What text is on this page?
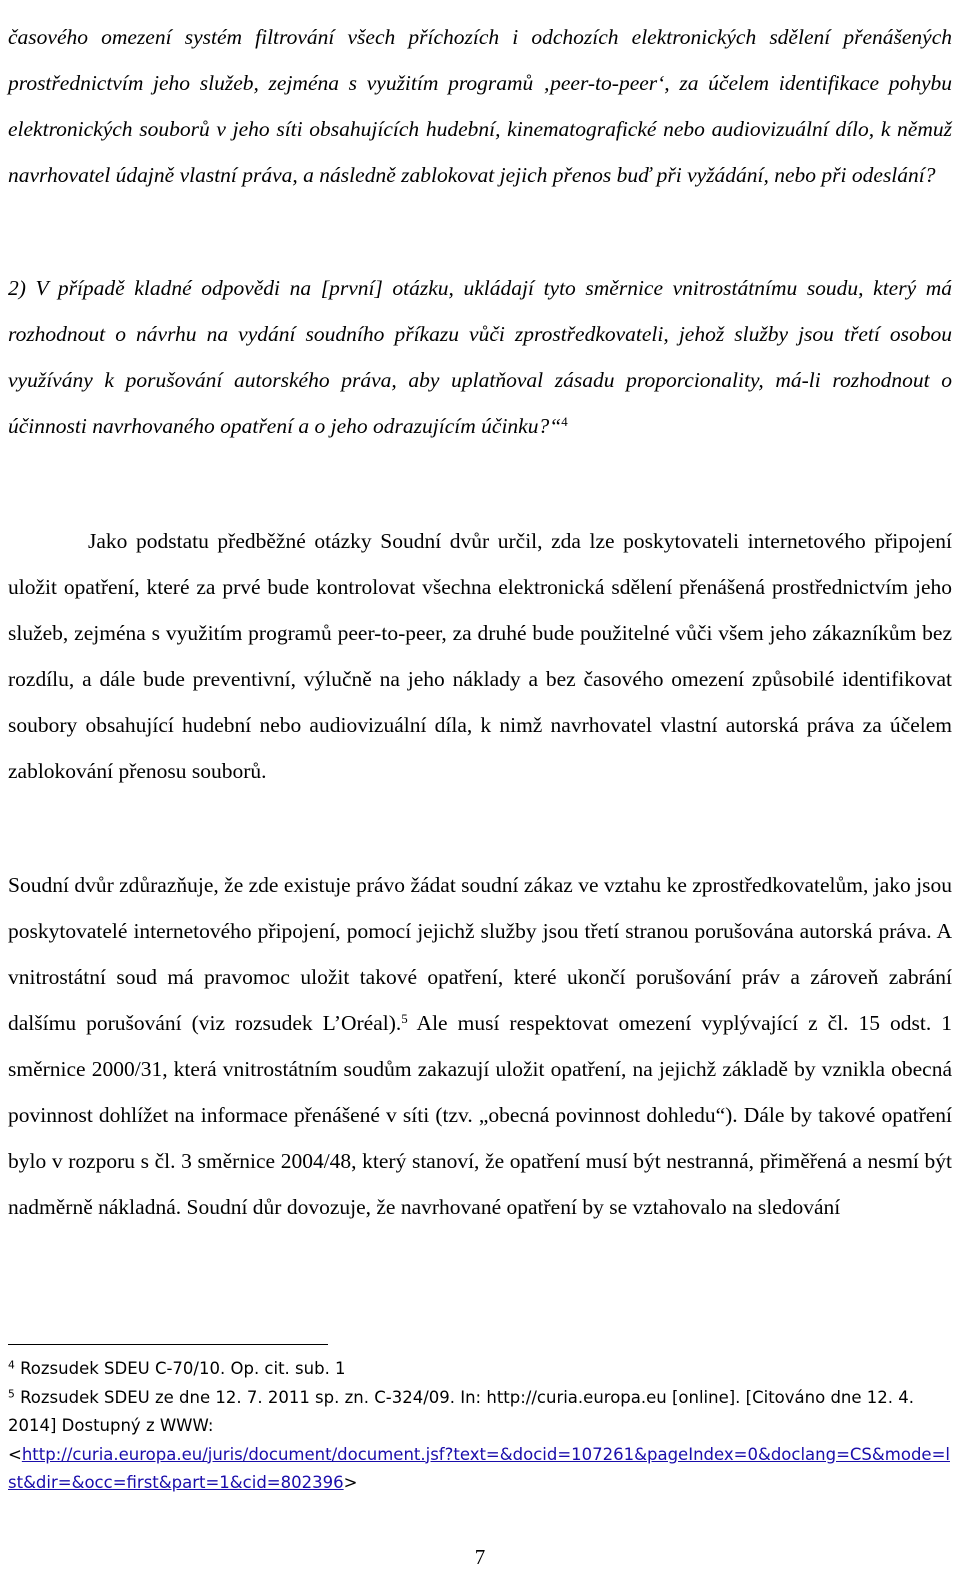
časového omezení systém filtrování všech příchozích i odchozích elektronických sdělení přenášených prostřednictvím jeho služeb, zejména s využitím programů ‚peer-to-peer‘, za účelem identifikace pohybu elektronických souborů v jeho síti obsahujících hudební, kinematografické nebo audiovizuální dílo, k němuž navrhovatel údajně vlastní práva, a následně zablokovat jejich přenos buď při vyžádání, nebo při odeslání?

2) V případě kladné odpovědi na [první] otázku, ukládají tyto směrnice vnitrostátnímu soudu, který má rozhodnout o návrhu na vydání soudního příkazu vůči zprostředkovateli, jehož služby jsou třetí osobou využívány k porušování autorského práva, aby uplatňoval zásadu proporcionality, má-li rozhodnout o účinnosti navrhovaného opatření a o jeho odrazujícím účinku?“$^4$

Jako podstatu předběžné otázky Soudní dvůr určil, zda lze poskytovateli internetového připojení uložit opatření, které za prvé bude kontrolovat všechna elektronická sdělení přenášená prostřednictvím jeho služeb, zejména s využitím programů peer-to-peer, za druhé bude použitelné vůči všem jeho zákazníkům bez rozdílu, a dále bude preventivní, výlučně na jeho náklady a bez časového omezení způsobilé identifikovat soubory obsahující hudební nebo audiovizuální díla, k nimž navrhovatel vlastní autorská práva za účelem zablokování přenosu souborů.

Soudní dvůr zdůrazňuje, že zde existuje právo žádat soudní zákaz ve vztahu ke zprostředkovatelům, jako jsou poskytovatelé internetového připojení, pomocí jejichž služby jsou třetí stranou porušována autorská práva. A vnitrostátní soud má pravomoc uložit takové opatření, které ukončí porušování práv a zároveň zabrání dalšímu porušování (viz rozsudek L’Oréal).$^5$ Ale musí respektovat omezení vyplývající z čl. 15 odst. 1 směrnice 2000/31, která vnitrostátním soudům zakazují uložit opatření, na jejichž základě by vznikla obecná povinnost dohlížet na informace přenášené v síti (tzv. „obecná povinnost dohledu“). Dále by takové opatření bylo v rozporu s čl. 3 směrnice 2004/48, který stanoví, že opatření musí být nestranná, přiměřená a nesmí být nadměrně nákladná. Soudní důr dovozuje, že navrhované opatření by se vztahovalo na sledování

$^4$ Rozsudek SDEU C-70/10. Op. cit. sub. 1

$^5$ Rozsudek SDEU ze dne 12. 7. 2011 sp. zn. C-324/09. In: http://curia.europa.eu [online]. [Citováno dne 12. 4. 2014] Dostupný z WWW:
<http://curia.europa.eu/juris/document/document.jsf?text=&docid=107261&pageIndex=0&doclang=CS&mode=lst&dir=&occ=first&part=1&cid=802396>

7
